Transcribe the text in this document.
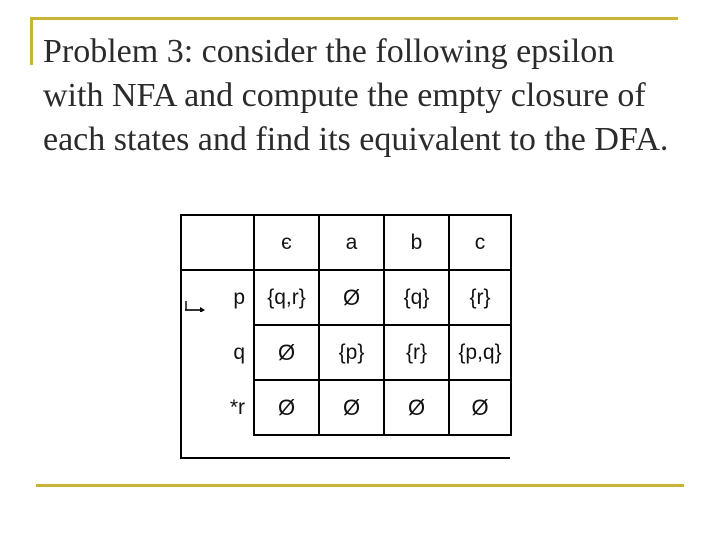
Problem 3: consider the following epsilon with NFA and compute the empty closure of each states and find its equivalent to the DFA.
	є	a	b	c
p	{q,r}	Ø	{q}	{r}
q	Ø	{p}	{r}	{p,q}
*r	Ø	Ø	Ø	Ø
